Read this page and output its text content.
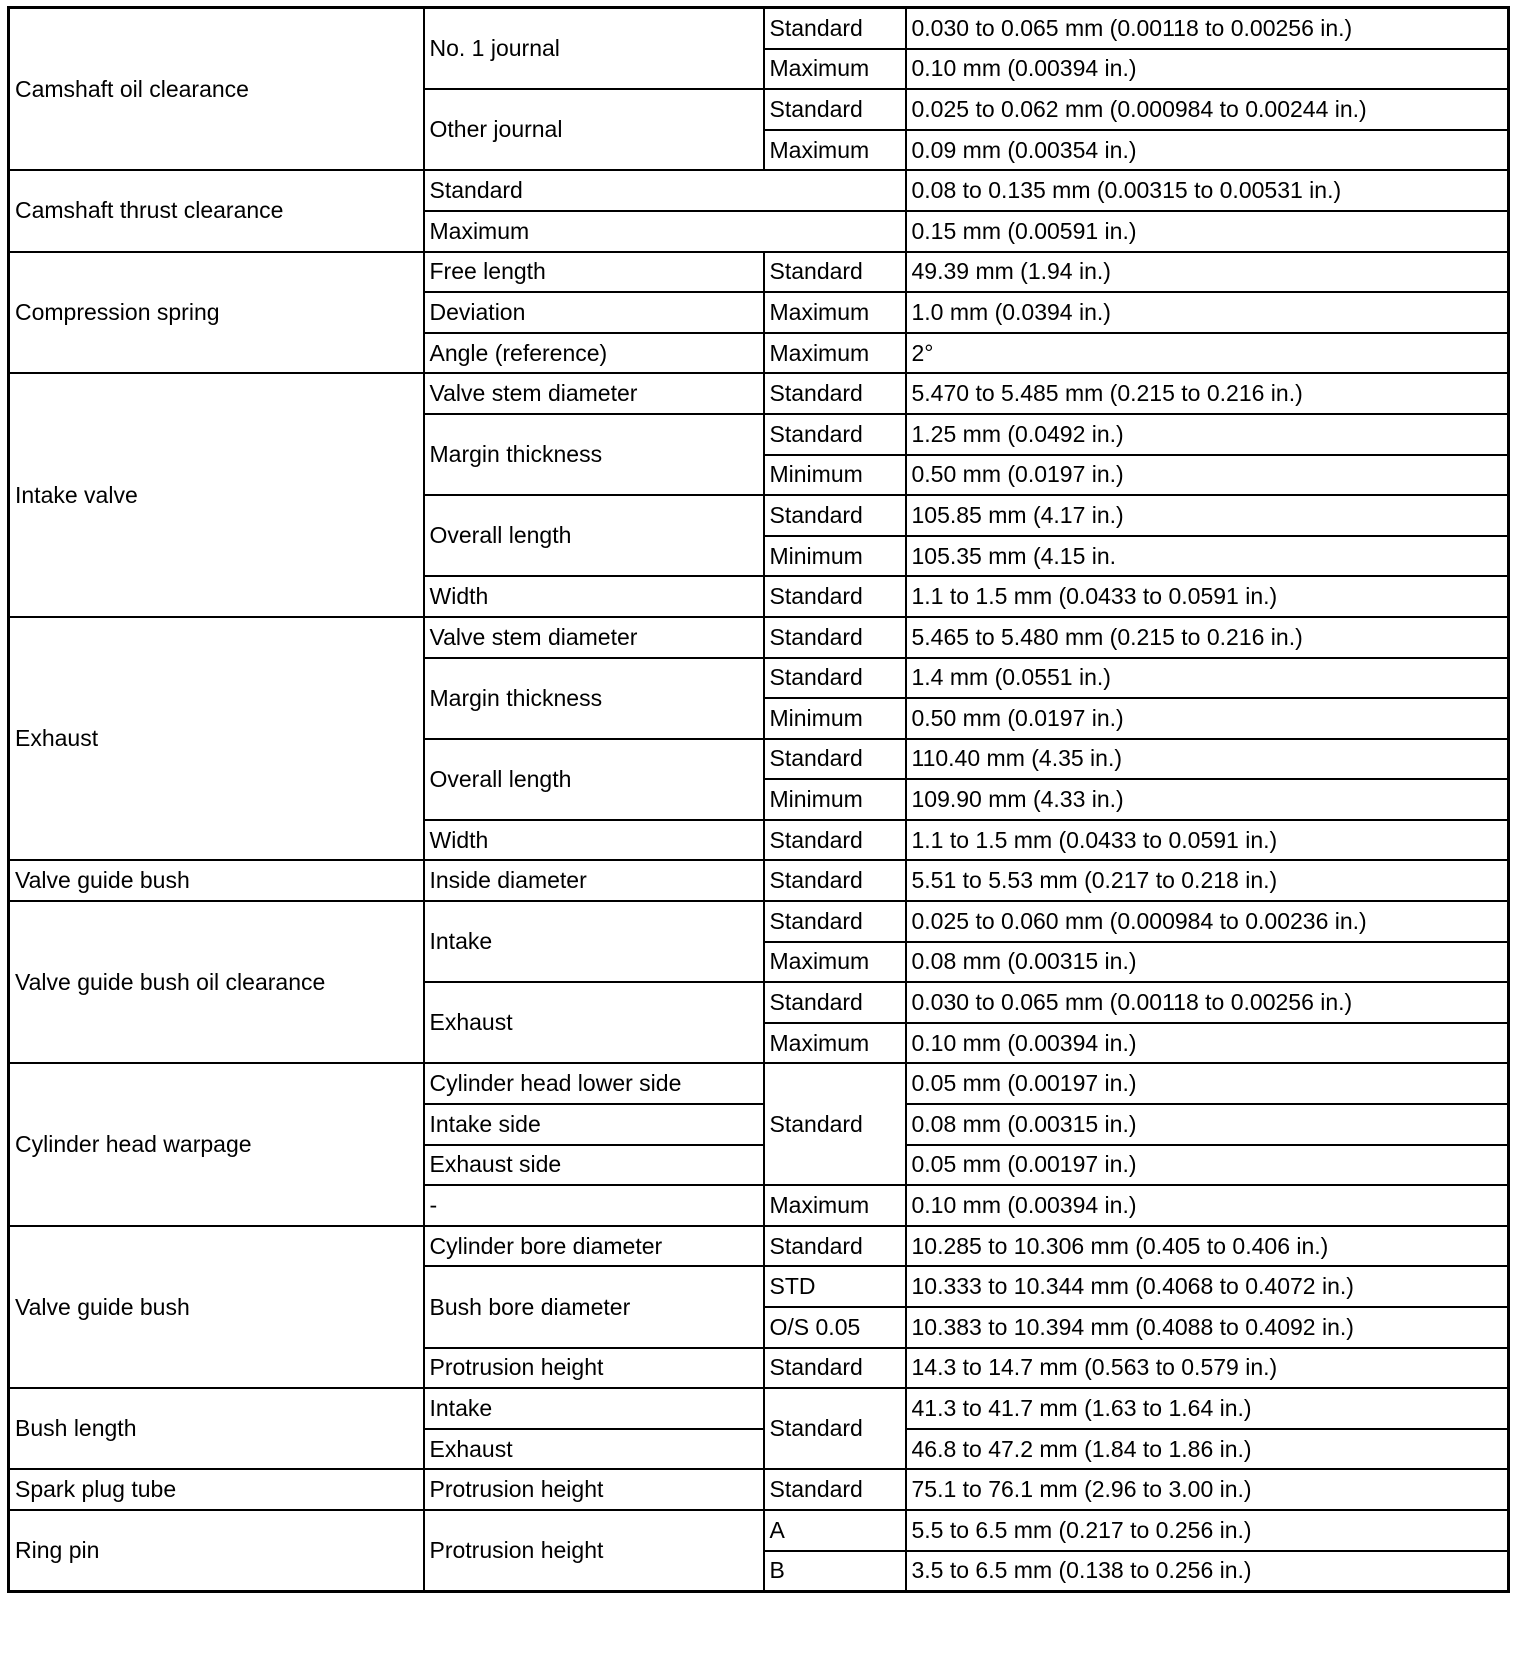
Camshaft oil clearance	No. 1 journal	Standard	0.030 to 0.065 mm (0.00118 to 0.00256 in.)
		Maximum	0.10 mm (0.00394 in.)
	Other journal	Standard	0.025 to 0.062 mm (0.000984 to 0.00244 in.)
		Maximum	0.09 mm (0.00354 in.)
Camshaft thrust clearance	Standard		0.08 to 0.135 mm (0.00315 to 0.00531 in.)
	Maximum		0.15 mm (0.00591 in.)
Compression spring	Free length	Standard	49.39 mm (1.94 in.)
	Deviation	Maximum	1.0 mm (0.0394 in.)
	Angle (reference)	Maximum	2°
Intake valve	Valve stem diameter	Standard	5.470 to 5.485 mm (0.215 to 0.216 in.)
	Margin thickness	Standard	1.25 mm (0.0492 in.)
		Minimum	0.50 mm (0.0197 in.)
	Overall length	Standard	105.85 mm (4.17 in.)
		Minimum	105.35 mm (4.15 in.
	Width	Standard	1.1 to 1.5 mm (0.0433 to 0.0591 in.)
Exhaust	Valve stem diameter	Standard	5.465 to 5.480 mm (0.215 to 0.216 in.)
	Margin thickness	Standard	1.4 mm (0.0551 in.)
		Minimum	0.50 mm (0.0197 in.)
	Overall length	Standard	110.40 mm (4.35 in.)
		Minimum	109.90 mm (4.33 in.)
	Width	Standard	1.1 to 1.5 mm (0.0433 to 0.0591 in.)
Valve guide bush	Inside diameter	Standard	5.51 to 5.53 mm (0.217 to 0.218 in.)
Valve guide bush oil clearance	Intake	Standard	0.025 to 0.060 mm (0.000984 to 0.00236 in.)
		Maximum	0.08 mm (0.00315 in.)
	Exhaust	Standard	0.030 to 0.065 mm (0.00118 to 0.00256 in.)
		Maximum	0.10 mm (0.00394 in.)
Cylinder head warpage	Cylinder head lower side	Standard	0.05 mm (0.00197 in.)
	Intake side		0.08 mm (0.00315 in.)
	Exhaust side		0.05 mm (0.00197 in.)
	-	Maximum	0.10 mm (0.00394 in.)
Valve guide bush	Cylinder bore diameter	Standard	10.285 to 10.306 mm (0.405 to 0.406 in.)
	Bush bore diameter	STD	10.333 to 10.344 mm (0.4068 to 0.4072 in.)
		O/S 0.05	10.383 to 10.394 mm (0.4088 to 0.4092 in.)
	Protrusion height	Standard	14.3 to 14.7 mm (0.563 to 0.579 in.)
Bush length	Intake	Standard	41.3 to 41.7 mm (1.63 to 1.64 in.)
	Exhaust		46.8 to 47.2 mm (1.84 to 1.86 in.)
Spark plug tube	Protrusion height	Standard	75.1 to 76.1 mm (2.96 to 3.00 in.)
Ring pin	Protrusion height	A	5.5 to 6.5 mm (0.217 to 0.256 in.)
		B	3.5 to 6.5 mm (0.138 to 0.256 in.)
